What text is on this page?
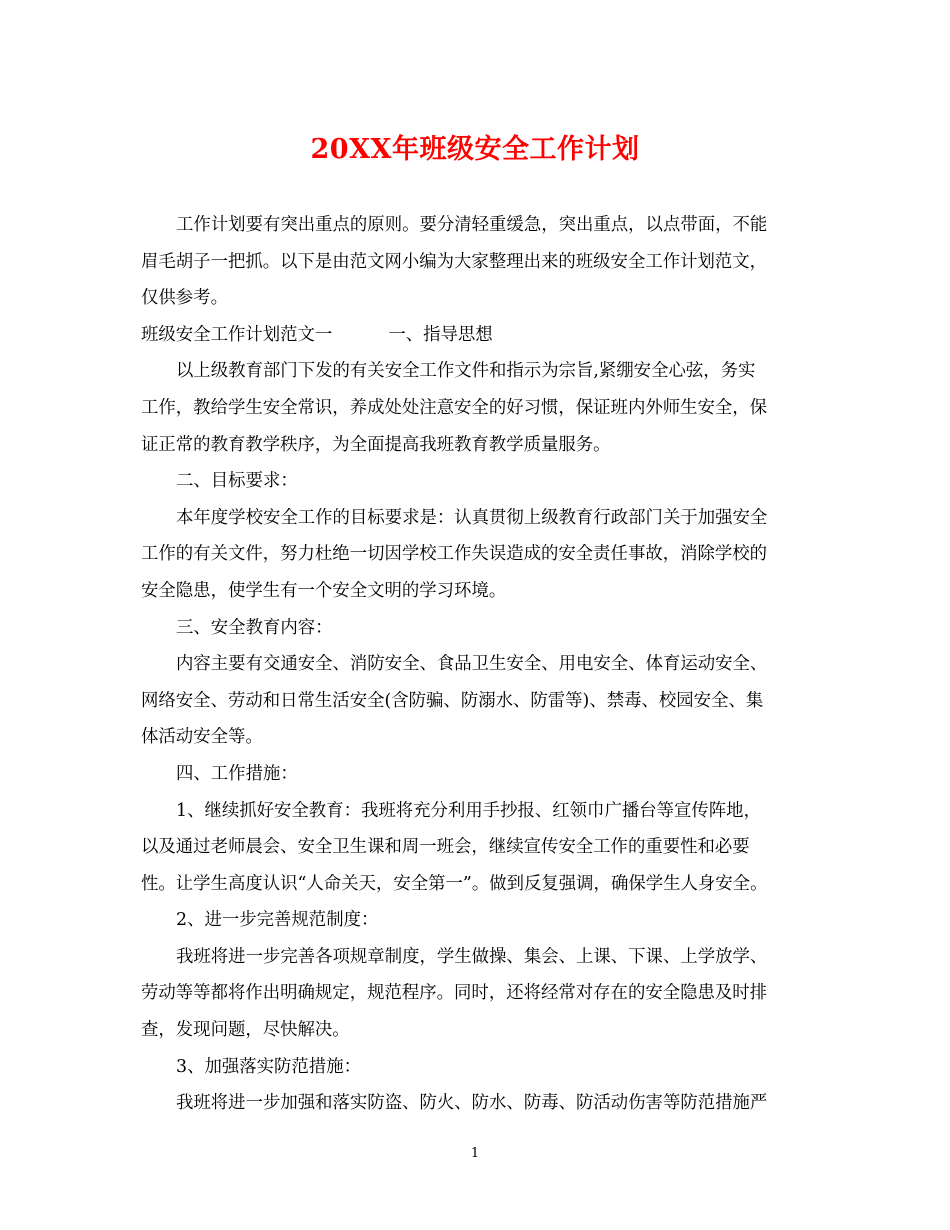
20XX年班级安全工作计划
工作计划要有突出重点的原则。要分清轻重缓急，突出重点，以点带面，不能
眉毛胡子一把抓。以下是由范文网小编为大家整理出来的班级安全工作计划范文，
仅供参考。
班级安全工作计划范文一	一、指导思想
以上级教育部门下发的有关安全工作文件和指示为宗旨,紧绷安全心弦，务实
工作，教给学生安全常识，养成处处注意安全的好习惯，保证班内外师生安全，保
证正常的教育教学秩序，为全面提高我班教育教学质量服务。
二、目标要求：
本年度学校安全工作的目标要求是：认真贯彻上级教育行政部门关于加强安全
工作的有关文件，努力杜绝一切因学校工作失误造成的安全责任事故，消除学校的
安全隐患，使学生有一个安全文明的学习环境。
三、安全教育内容：
内容主要有交通安全、消防安全、食品卫生安全、用电安全、体育运动安全、
网络安全、劳动和日常生活安全(含防骗、防溺水、防雷等)、禁毒、校园安全、集
体活动安全等。
四、工作措施：
1、继续抓好安全教育：我班将充分利用手抄报、红领巾广播台等宣传阵地，
以及通过老师晨会、安全卫生课和周一班会，继续宣传安全工作的重要性和必要
性。让学生高度认识“人命关天，安全第一”。做到反复强调，确保学生人身安全。
2、进一步完善规范制度：
我班将进一步完善各项规章制度，学生做操、集会、上课、下课、上学放学、
劳动等等都将作出明确规定，规范程序。同时，还将经常对存在的安全隐患及时排
查，发现问题，尽快解决。
3、加强落实防范措施：
我班将进一步加强和落实防盗、防火、防水、防毒、防活动伤害等防范措施严
1
